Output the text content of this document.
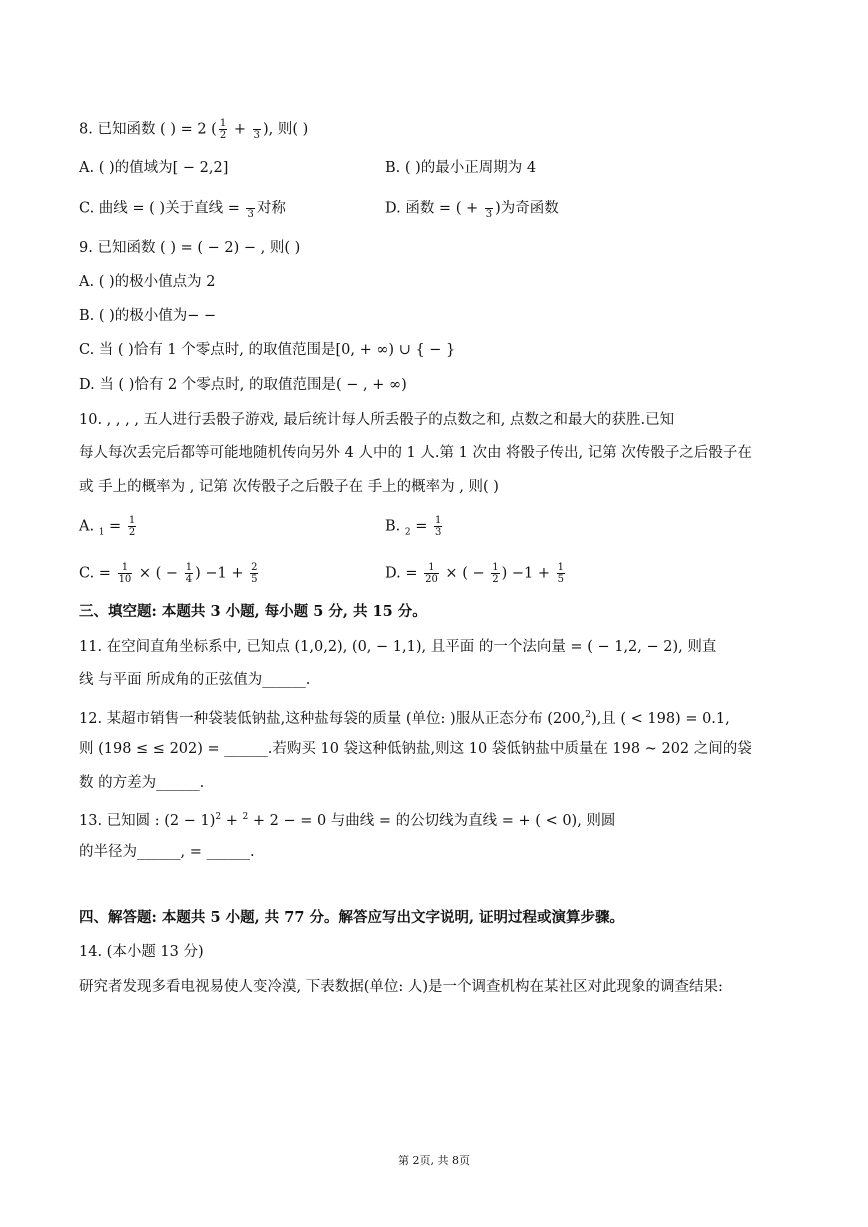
8. 已知函数 ( ) = 2 ( $\frac{1}{2}$ +
3 ), 则( )
A. ( )的值域为[ − 2,2]	B. ( )的最小正周期为 4
C. 曲线 = ( )关于直线 =
3 对称	D. 函数 = ( +
3 )为奇函数
9. 已知函数 ( ) = ( − 2) − , 则( )
A. ( )的极小值点为 2
B. ( )的极小值为− −
C. 当 ( )恰有 1 个零点时, 的取值范围是[0, + ∞) ∪ { − }
D. 当 ( )恰有 2 个零点时, 的取值范围是( − , + ∞)
10. , , , , 五人进行丢骰子游戏, 最后统计每人所丢骰子的点数之和, 点数之和最大的获胜.已知
每人每次丢完后都等可能地随机传向另外 4 人中的 1 人.第 1 次由 将骰子传出, 记第 次传骰子之后骰子在
或 手上的概率为 , 记第 次传骰子之后骰子在 手上的概率为 , 则( )
A. $_1 = \frac{1}{2}$	B. $_2 = \frac{1}{3}$
C. = $\frac{1}{10}$ × ( − $\frac{1}{4}$ ) $-1 + \frac{2}{5}$	D. = $\frac{1}{20}$ × ( − $\frac{1}{2}$ ) $-1 + \frac{1}{5}$
三、填空题: 本题共 3 小题, 每小题 5 分, 共 15 分。
11. 在空间直角坐标系中, 已知点 (1,0,2), (0, − 1,1), 且平面 的一个法向量 = ( − 1,2, − 2), 则直
线 与平面 所成角的正弦值为______.
12. 某超市销售一种袋装低钠盐,这种盐每袋的质量 (单位: )服从正态分布 (200,$^2$),且 ( < 198) = 0.1,
则 (198 ≤ ≤ 202) = ______.若购买 10 袋这种低钠盐,则这 10 袋低钠盐中质量在 198 ~ 202 之间的袋
数 的方差为______.
13. 已知圆 : $(2 - 1)^2 + ^2 + 2$ − = 0 与曲线 = 的公切线为直线 = + ( < 0), 则圆
的半径为______, = ______.
四、解答题: 本题共 5 小题, 共 77 分。解答应写出文字说明, 证明过程或演算步骤。
14. (本小题 13 分)
研究者发现多看电视易使人变冷漠, 下表数据(单位: 人)是一个调查机构在某社区对此现象的调查结果:
第 2页, 共 8页
